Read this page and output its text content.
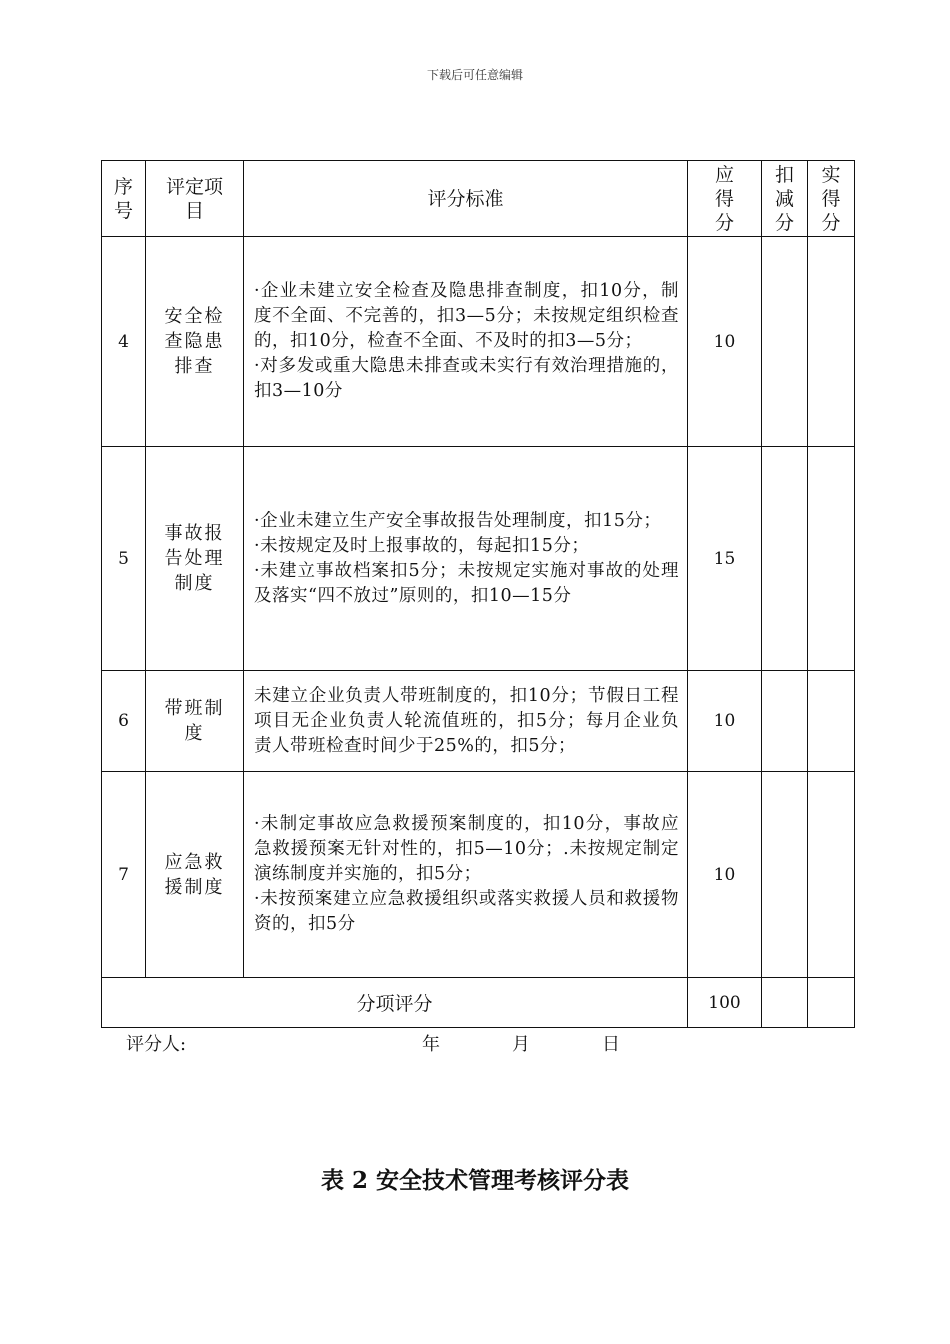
下载后可任意编辑
序号	评定项目	评分标准	应得分	扣减分	实得分
4	安全检查隐患排查	·企业未建立安全检查及隐患排查制度，扣10分，制度不全面、不完善的，扣3—5分；未按规定组织检查的，扣10分，检查不全面、不及时的扣3—5分；
·对多发或重大隐患未排查或未实行有效治理措施的，扣3—10分	10		
5	事故报告处理制度	·企业未建立生产安全事故报告处理制度，扣15分；
·未按规定及时上报事故的，每起扣15分；
·未建立事故档案扣5分；未按规定实施对事故的处理及落实“四不放过”原则的，扣10—15分	15		
6	带班制度	未建立企业负责人带班制度的，扣10分；节假日工程项目无企业负责人轮流值班的，扣5分；每月企业负责人带班检查时间少于25%的，扣5分；	10		
7	应急救援制度	·未制定事故应急救援预案制度的，扣10分，事故应急救援预案无针对性的，扣5—10分；.未按规定制定演练制度并实施的，扣5分；
·未按预案建立应急救援组织或落实救援人员和救援物资的，扣5分	10		
分项评分			100		
评分人:	年	月	日
表 2 安全技术管理考核评分表
